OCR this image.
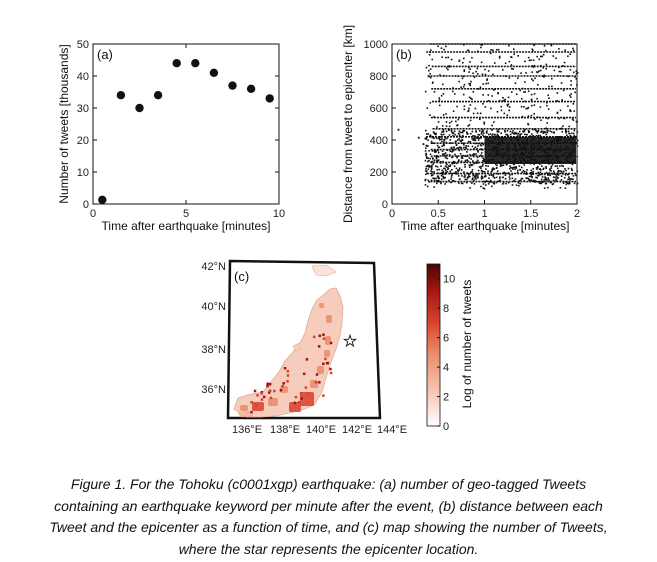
(a)
0
10
20
30
40
50
0	5	10
Time after earthquake [minutes]
Number of tweets [thousands]	(b)
0
200
400
600
800
1000
0	0.5	1	1.5	2
Time after earthquake [minutes]
Distance from tweet to epicenter [km]
★
(c)
42°N
40°N
38°N
36°N
136°E 138°E 140°E 142°E 144°E	0
2
4
6
8
10 Log of number of tweets
Figure 1. For the Tohoku (c0001xgp) earthquake: (a) number of geo-tagged Tweets containing an earthquake keyword per minute after the event, (b) distance between each Tweet and the epicenter as a function of time, and (c) map showing the number of Tweets, where the star represents the epicenter location.
